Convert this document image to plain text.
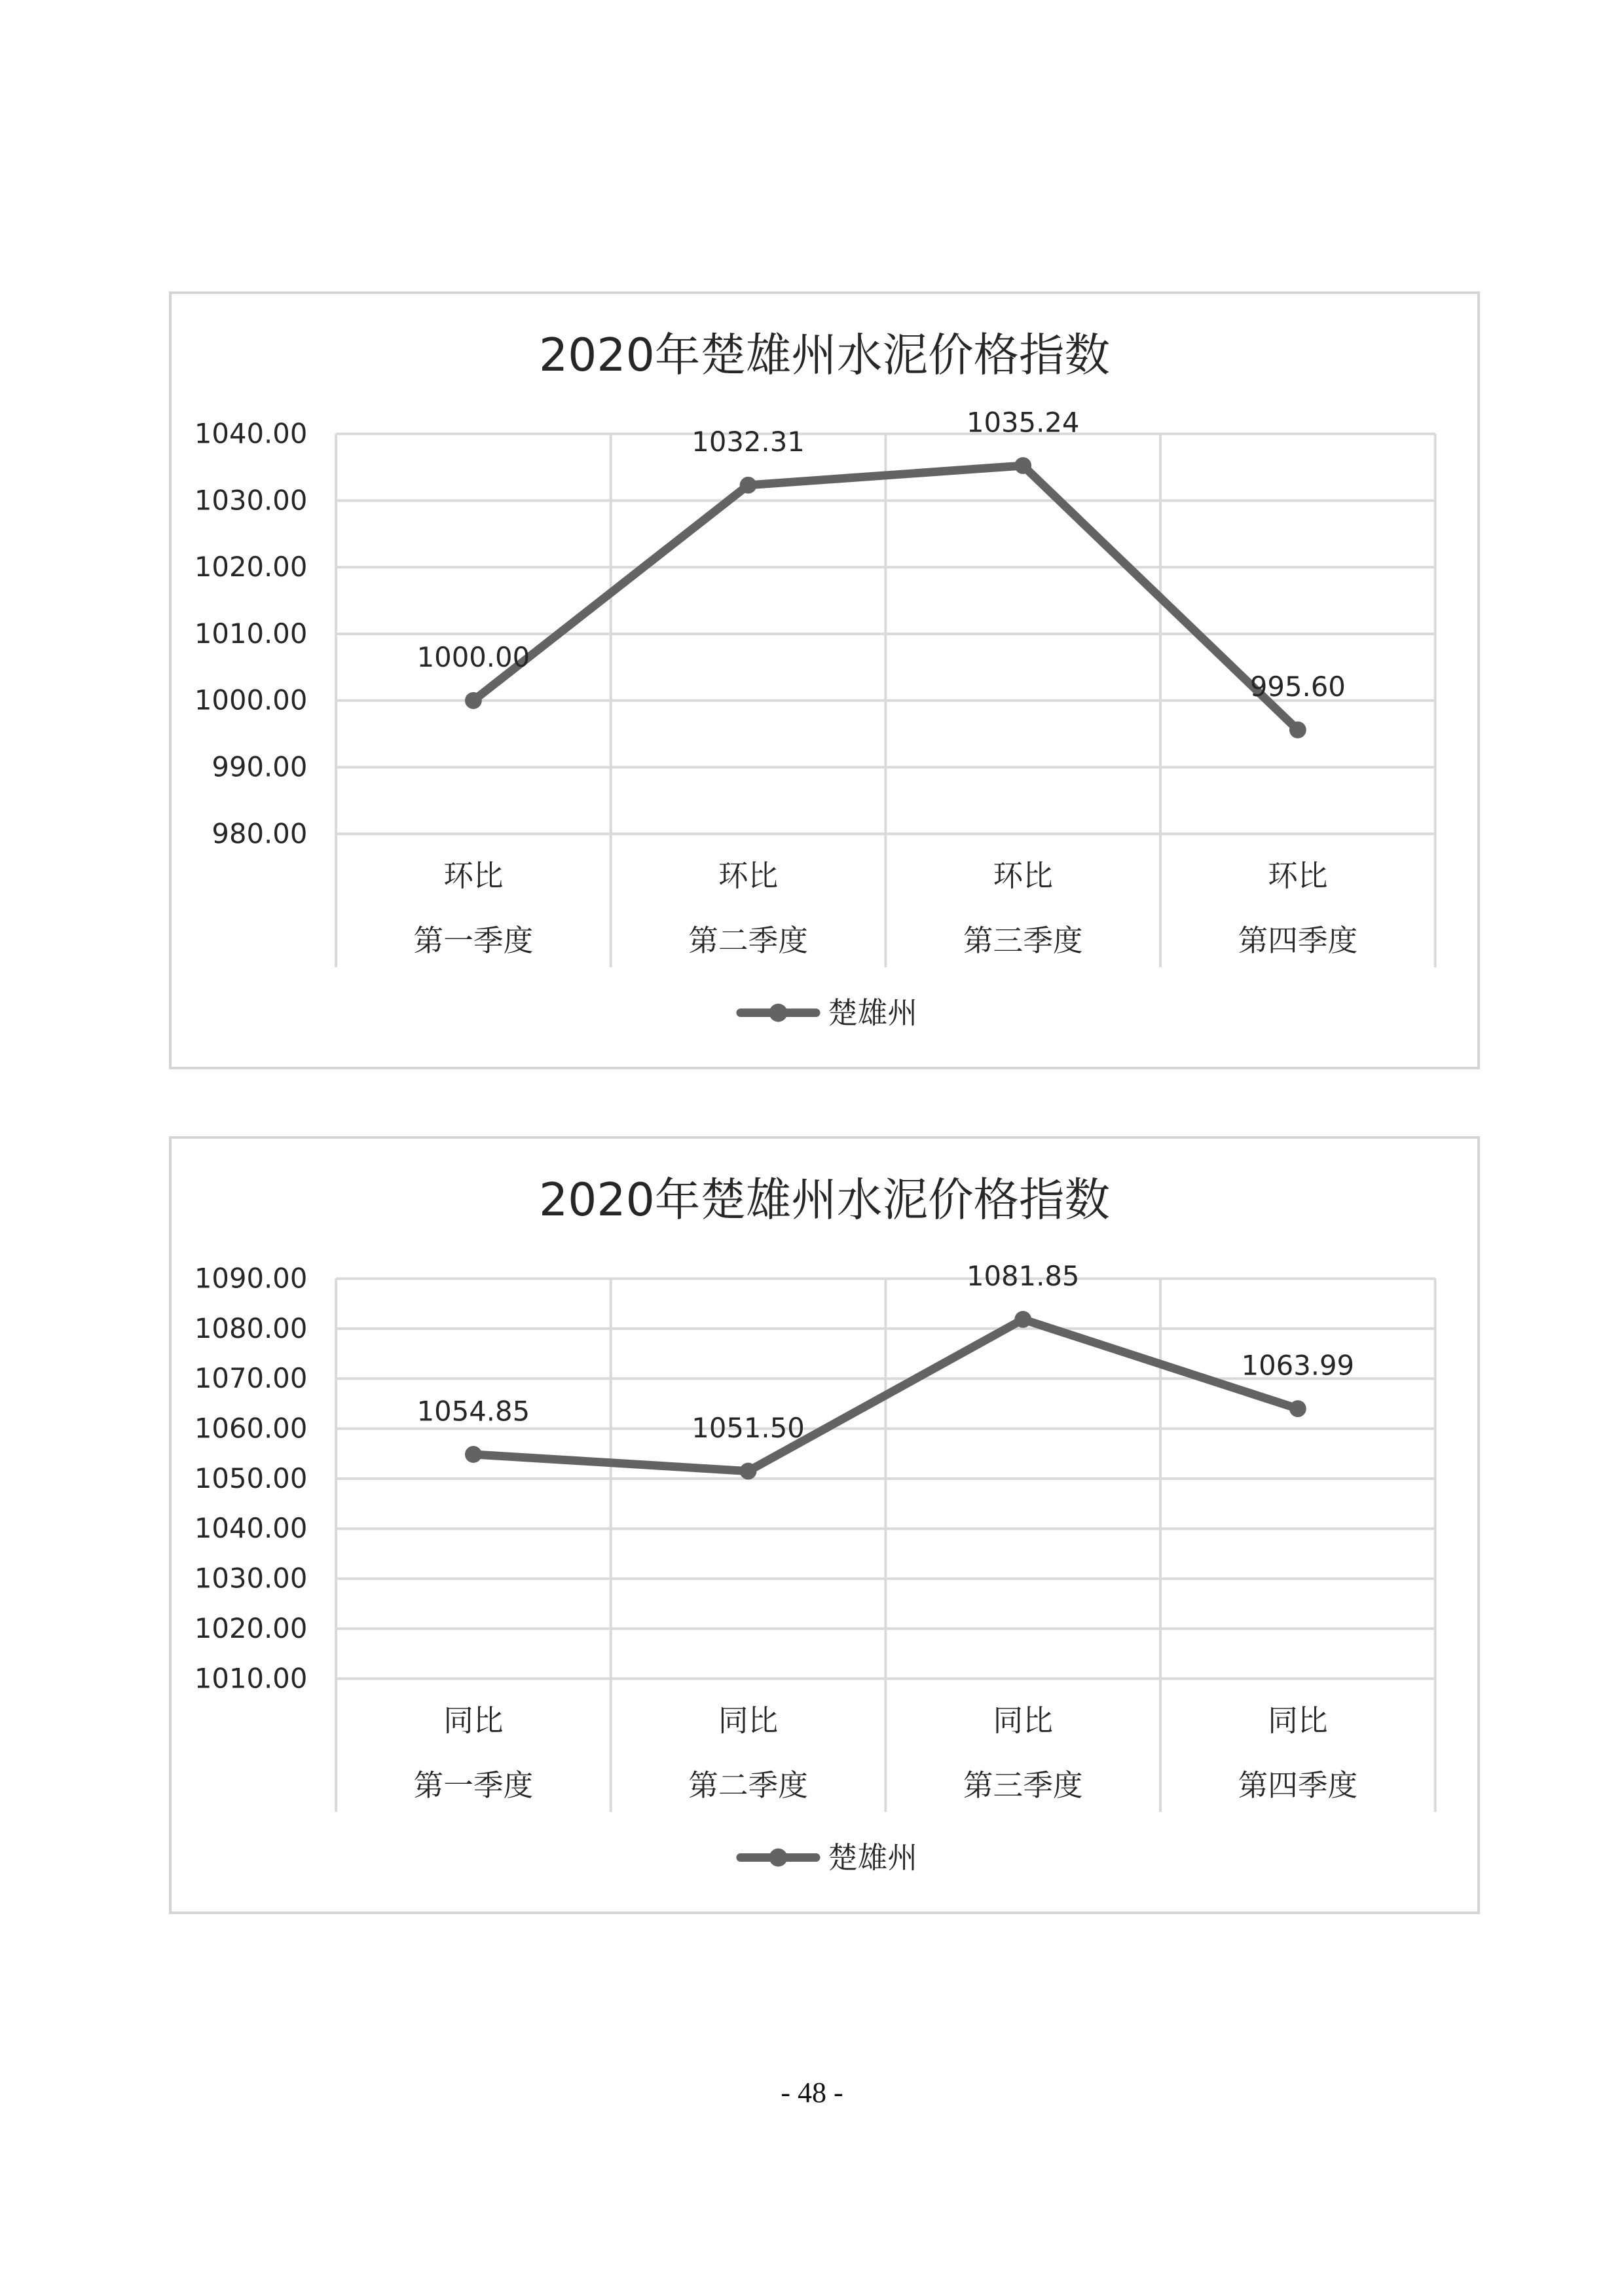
2020年楚雄州水泥价格指数
980.00
990.00
1000.00
1010.00
1020.00
1030.00
1040.00
环比
第一季度
环比
第二季度
环比
第三季度
环比
第四季度
1000.00
1032.31
1035.24
995.60
楚雄州
2020年楚雄州水泥价格指数
1010.00
1020.00
1030.00
1040.00
1050.00
1060.00
1070.00
1080.00
1090.00
同比
第一季度
同比
第二季度
同比
第三季度
同比
第四季度
1054.85
1051.50
1081.85
1063.99
楚雄州
- 48 -
